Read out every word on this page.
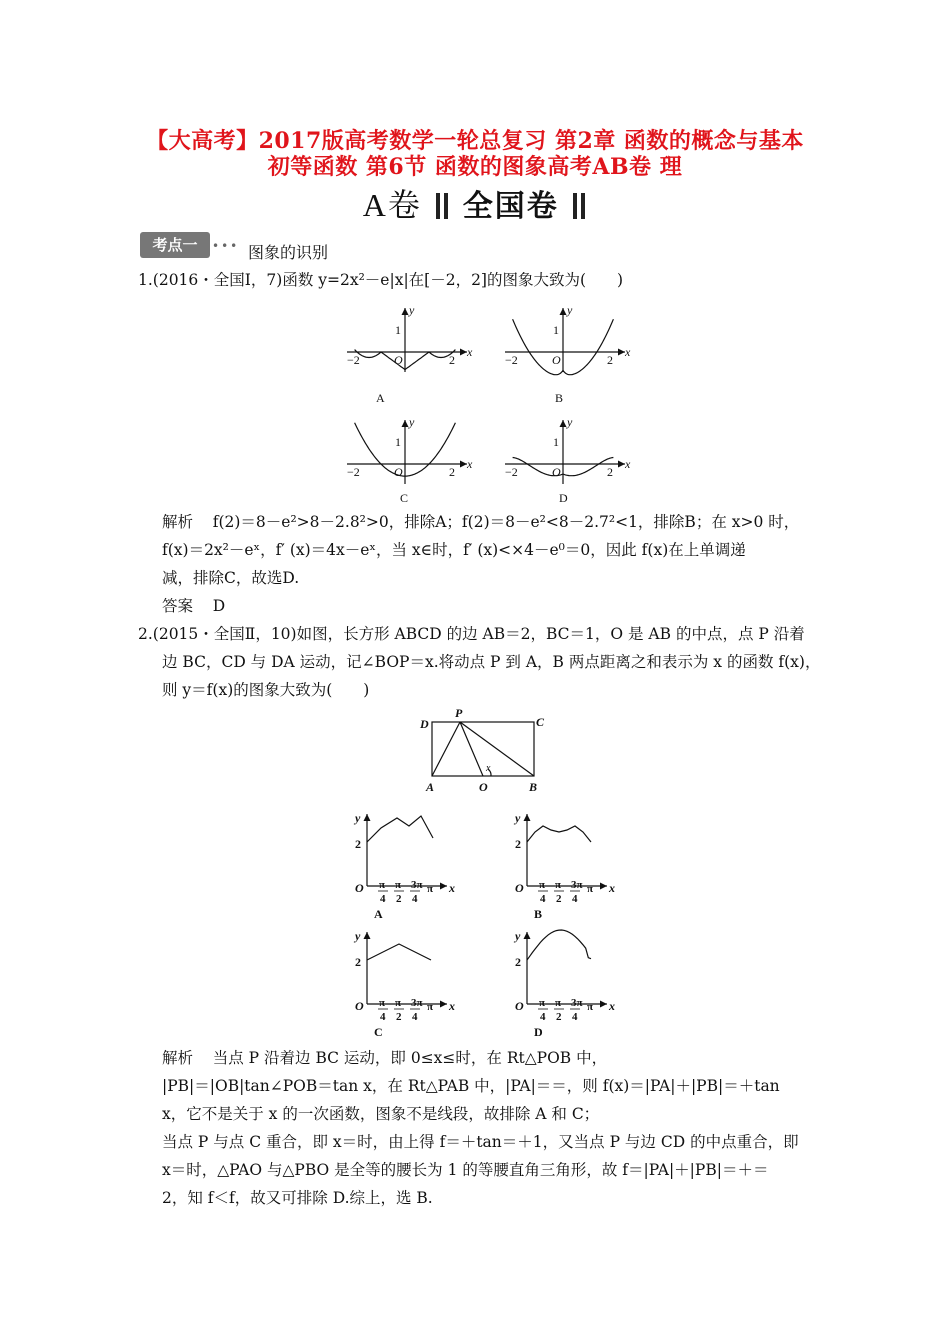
【大高考】2017版高考数学一轮总复习 第2章 函数的概念与基本
初等函数 第6节 函数的图象高考AB卷 理
A卷 全国卷
考点一	••• 图象的识别
1.(2016・全国Ⅰ，7)函数 y=2x²－e|x|在[－2，2]的图象大致为(　　)
x
y
O
−2	2
1
A
x
y
O
−2	2
1
B
x
y
O
−2	2
1
C
x
y
O
−2	2
1
D
解析 f(2)＝8－e²>8－2.8²>0，排除A；f(2)＝8－e²<8－2.7²<1，排除B；在 x>0 时，
f(x)＝2x²－eˣ，f′ (x)＝4x－eˣ，当 x∈时，f′ (x)<×4－e⁰＝0，因此 f(x)在上单调递
减，排除C，故选D.
答案 D
2.(2015・全国Ⅱ，10)如图，长方形 ABCD 的边 AB＝2，BC＝1，O 是 AB 的中点，点 P 沿着
边 BC，CD 与 DA 运动，记∠BOP＝x.将动点 P 到 A，B 两点距离之和表示为 x 的函数 f(x)，
则 y＝f(x)的图象大致为(　　)
D
P
C
A	O	B
x
x
y
O
2
π
4
π
2
3π
4
π
A
x
y
O
2
π
4
π
2
3π
4
π
B
x
y
O
2
π
4
π
2
3π
4
π
C
x
y
O
2
π
4
π
2
3π
4
π
D
解析 当点 P 沿着边 BC 运动，即 0≤x≤时，在 Rt△POB 中，
|PB|＝|OB|tan∠POB＝tan x，在 Rt△PAB 中，|PA|＝＝，则 f(x)＝|PA|＋|PB|＝＋tan
x，它不是关于 x 的一次函数，图象不是线段，故排除 A 和 C；
当点 P 与点 C 重合，即 x＝时，由上得 f＝＋tan＝＋1，又当点 P 与边 CD 的中点重合，即
x＝时，△PAO 与△PBO 是全等的腰长为 1 的等腰直角三角形，故 f＝|PA|＋|PB|＝＋＝
2，知 f＜f，故又可排除 D.综上，选 B.
